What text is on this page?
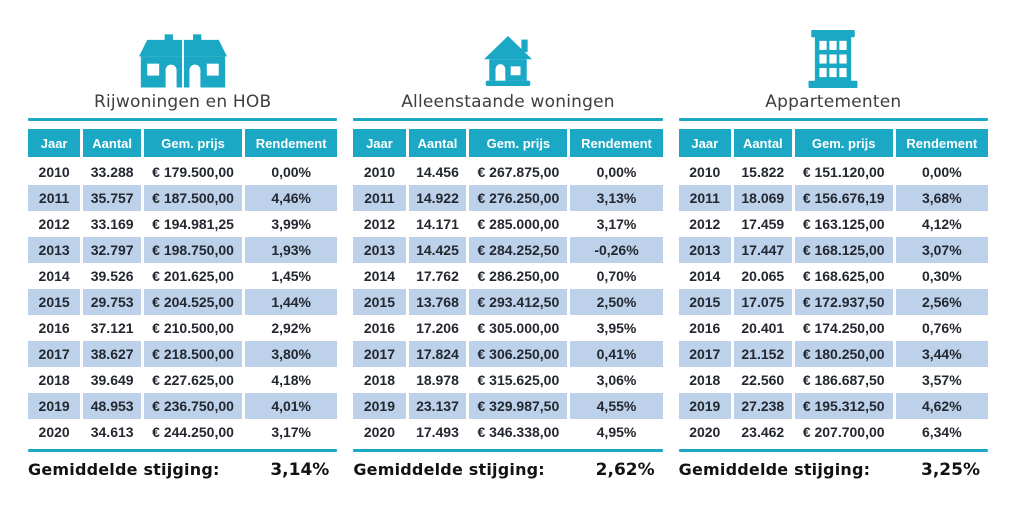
Rijwoningen en HOB
Jaar	Aantal	Gem. prijs	Rendement
2010	33.288	€ 179.500,00	0,00%
2011	35.757	€ 187.500,00	4,46%
2012	33.169	€ 194.981,25	3,99%
2013	32.797	€ 198.750,00	1,93%
2014	39.526	€ 201.625,00	1,45%
2015	29.753	€ 204.525,00	1,44%
2016	37.121	€ 210.500,00	2,92%
2017	38.627	€ 218.500,00	3,80%
2018	39.649	€ 227.625,00	4,18%
2019	48.953	€ 236.750,00	4,01%
2020	34.613	€ 244.250,00	3,17%
Gemiddelde stijging:	3,14%
Alleenstaande woningen
Jaar	Aantal	Gem. prijs	Rendement
2010	14.456	€ 267.875,00	0,00%
2011	14.922	€ 276.250,00	3,13%
2012	14.171	€ 285.000,00	3,17%
2013	14.425	€ 284.252,50	-0,26%
2014	17.762	€ 286.250,00	0,70%
2015	13.768	€ 293.412,50	2,50%
2016	17.206	€ 305.000,00	3,95%
2017	17.824	€ 306.250,00	0,41%
2018	18.978	€ 315.625,00	3,06%
2019	23.137	€ 329.987,50	4,55%
2020	17.493	€ 346.338,00	4,95%
Gemiddelde stijging:	2,62%
Appartementen
Jaar	Aantal	Gem. prijs	Rendement
2010	15.822	€ 151.120,00	0,00%
2011	18.069	€ 156.676,19	3,68%
2012	17.459	€ 163.125,00	4,12%
2013	17.447	€ 168.125,00	3,07%
2014	20.065	€ 168.625,00	0,30%
2015	17.075	€ 172.937,50	2,56%
2016	20.401	€ 174.250,00	0,76%
2017	21.152	€ 180.250,00	3,44%
2018	22.560	€ 186.687,50	3,57%
2019	27.238	€ 195.312,50	4,62%
2020	23.462	€ 207.700,00	6,34%
Gemiddelde stijging:	3,25%
